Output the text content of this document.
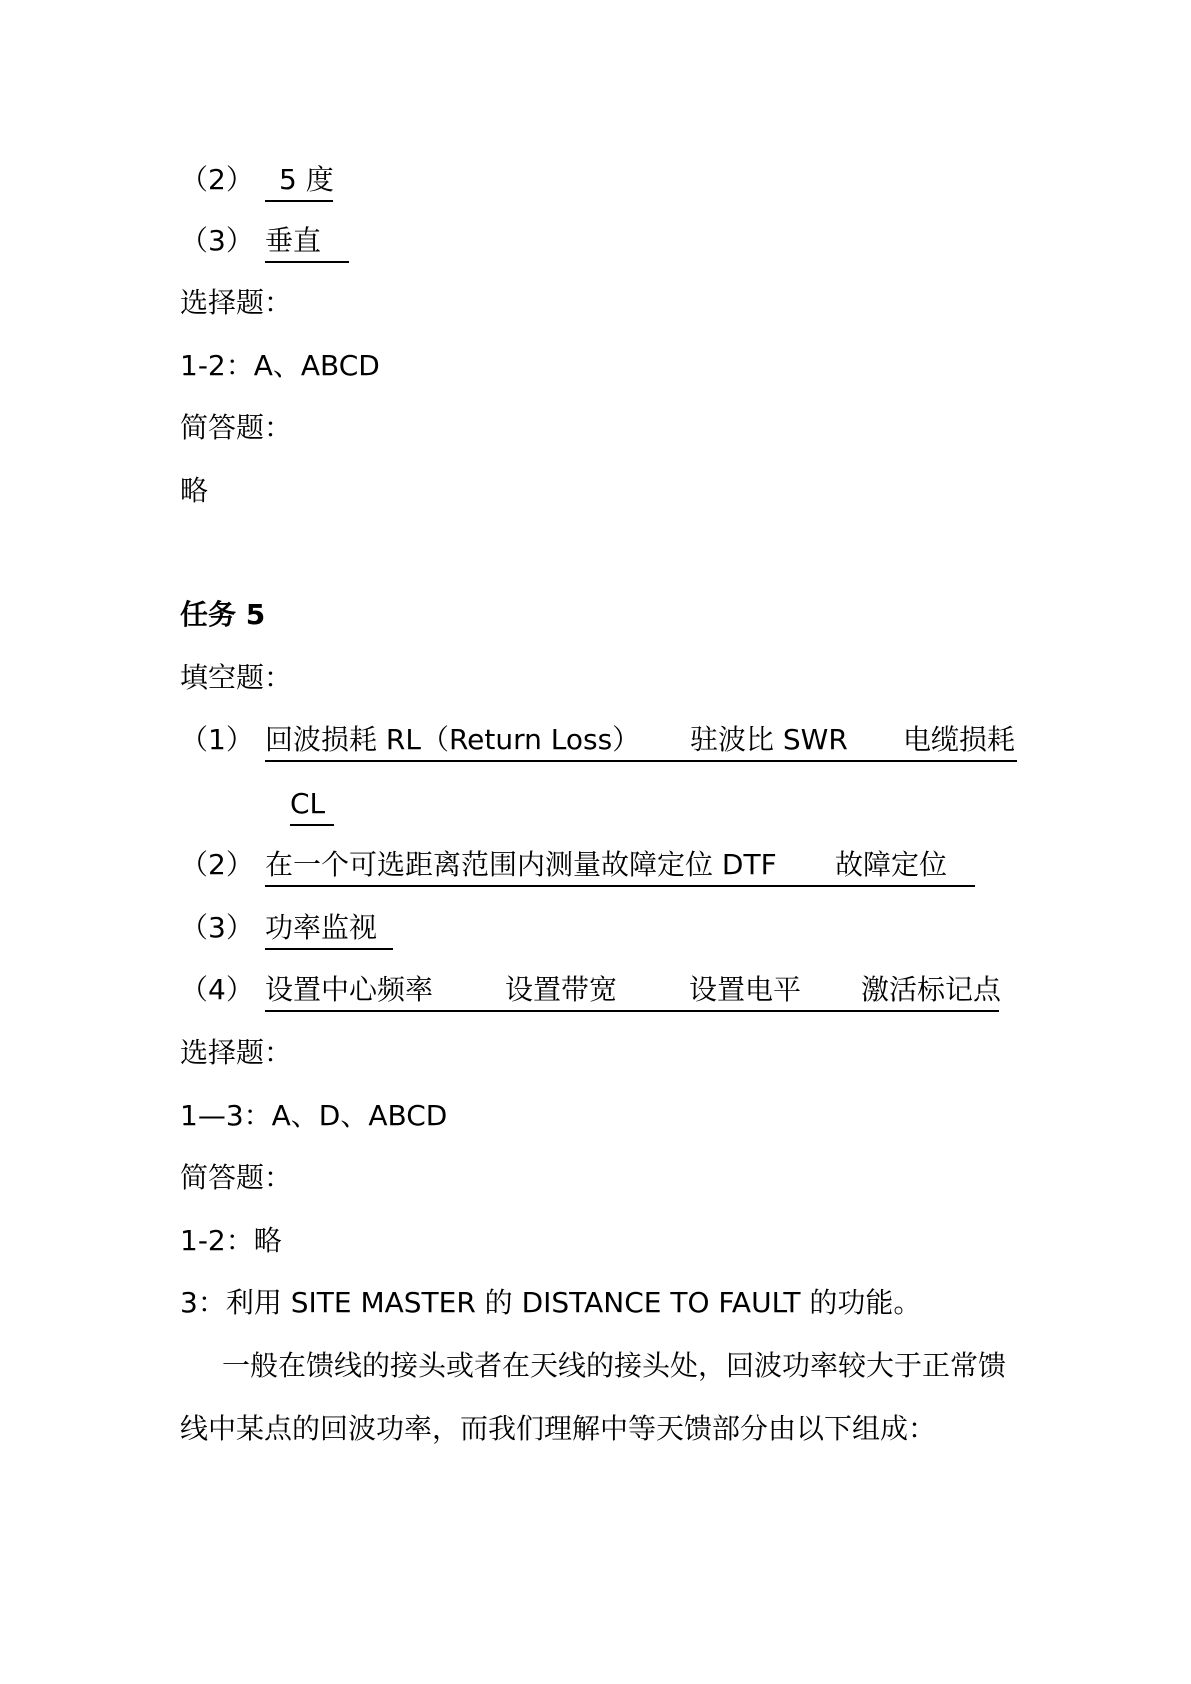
（2） 5 度
（3） 垂直
选择题：
1-2：A、ABCD
简答题：
略
任务 5
填空题：
（1） 回波损耗 RL（Return Loss） 驻波比 SWR 电缆损耗
CL
（2） 在一个可选距离范围内测量故障定位 DTF 故障定位
（3） 功率监视
（4） 设置中心频率	设置带宽	设置电平 激活标记点
选择题：
1—3：A、D、ABCD
简答题：
1-2：略
3：利用 SITE MASTER 的 DISTANCE TO FAULT 的功能。
一般在馈线的接头或者在天线的接头处，回波功率较大于正常馈
线中某点的回波功率，而我们理解中等天馈部分由以下组成：
